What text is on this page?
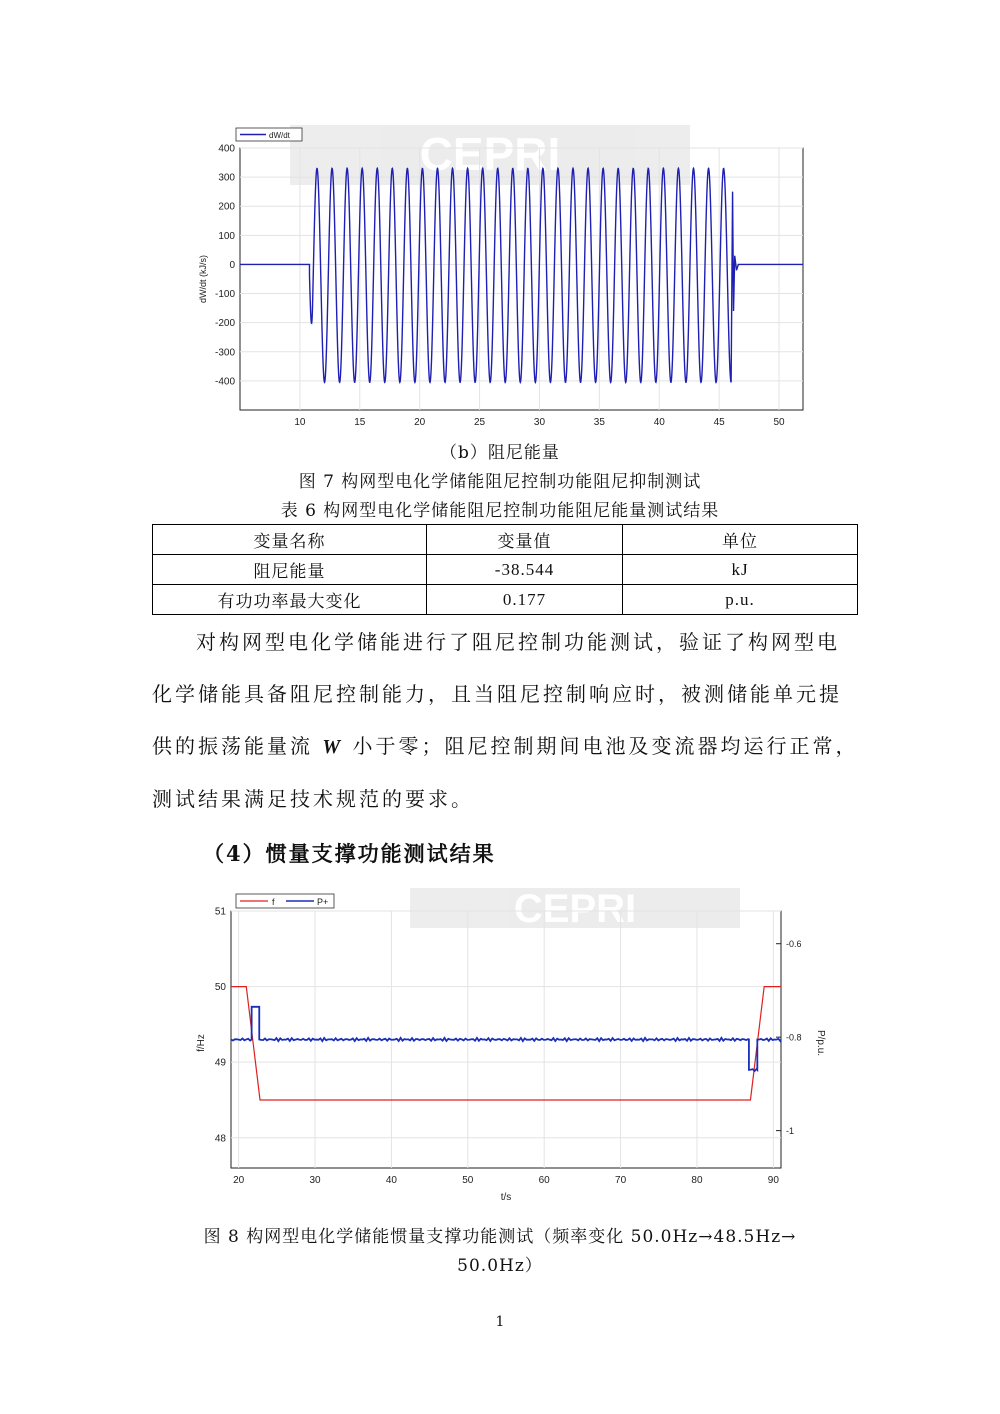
CEPRI
400
300
200
100
0
-100
-200
-300
-400
10	15	20	25	30	35	40	45	50
dW/dt (kJ/s)
dW/dt
（b）阻尼能量
图 7 构网型电化学储能阻尼控制功能阻尼抑制测试
表 6 构网型电化学储能阻尼控制功能阻尼能量测试结果
变量名称	变量值	单位
阻尼能量	-38.544	kJ
有功功率最大变化	0.177	p.u.
对构网型电化学储能进行了阻尼控制功能测试，验证了构网型电
化学储能具备阻尼控制能力，且当阻尼控制响应时，被测储能单元提
供的振荡能量流 W 小于零；阻尼控制期间电池及变流器均运行正常，
测试结果满足技术规范的要求。
（4）惯量支撑功能测试结果
CEPRI
51
50
49
48
-0.6
-0.8
-1
20	30	40	50	60	70	80	90
f/Hz	P/p.u.
t/s
f	P+
图 8 构网型电化学储能惯量支撑功能测试（频率变化 50.0Hz→48.5Hz→
50.0Hz）
1
